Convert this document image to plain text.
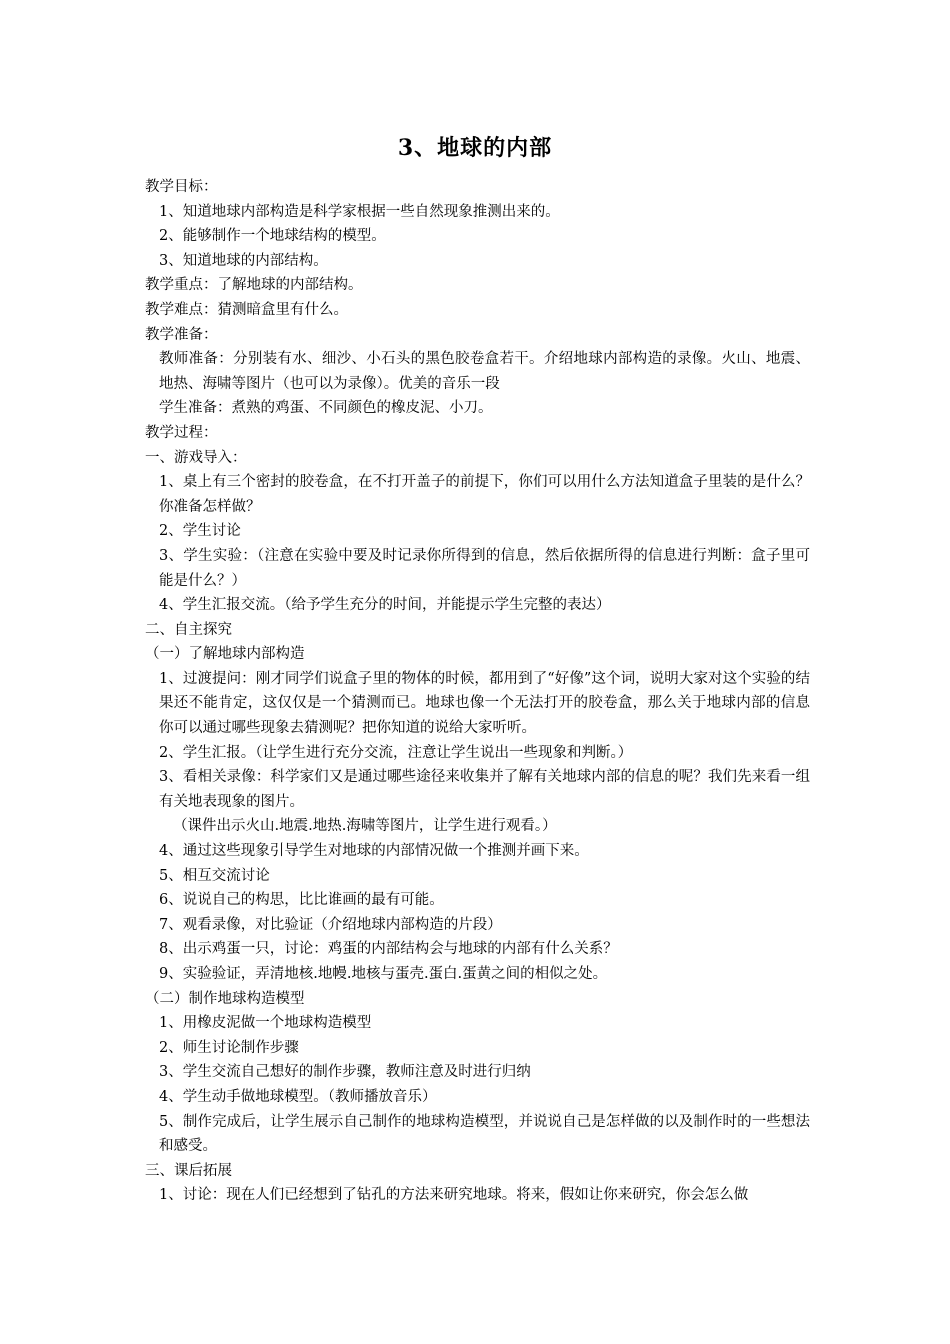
3、地球的内部

教学目标：

1、知道地球内部构造是科学家根据一些自然现象推测出来的。

2、能够制作一个地球结构的模型。

3、知道地球的内部结构。

教学重点：了解地球的内部结构。

教学难点：猜测暗盒里有什么。

教学准备：

教师准备：分别装有水、细沙、小石头的黑色胶卷盒若干。介绍地球内部构造的录像。火山、地震、地热、海啸等图片（也可以为录像）。优美的音乐一段

学生准备：煮熟的鸡蛋、不同颜色的橡皮泥、小刀。

教学过程：

一、游戏导入：

1、桌上有三个密封的胶卷盒，在不打开盖子的前提下，你们可以用什么方法知道盒子里装的是什么？你准备怎样做？

2、学生讨论

3、学生实验：（注意在实验中要及时记录你所得到的信息，然后依据所得的信息进行判断：盒子里可能是什么？）

4、学生汇报交流。（给予学生充分的时间，并能提示学生完整的表达）

二、自主探究

（一）了解地球内部构造

1、过渡提问：刚才同学们说盒子里的物体的时候，都用到了“好像”这个词，说明大家对这个实验的结果还不能肯定，这仅仅是一个猜测而已。地球也像一个无法打开的胶卷盒，那么关于地球内部的信息你可以通过哪些现象去猜测呢？把你知道的说给大家听听。

2、学生汇报。（让学生进行充分交流，注意让学生说出一些现象和判断。）

3、看相关录像：科学家们又是通过哪些途径来收集并了解有关地球内部的信息的呢？我们先来看一组有关地表现象的图片。

（课件出示火山.地震.地热.海啸等图片，让学生进行观看。）

4、通过这些现象引导学生对地球的内部情况做一个推测并画下来。

5、相互交流讨论

6、说说自己的构思，比比谁画的最有可能。

7、观看录像，对比验证（介绍地球内部构造的片段）

8、出示鸡蛋一只，讨论：鸡蛋的内部结构会与地球的内部有什么关系？

9、实验验证，弄清地核.地幔.地核与蛋壳.蛋白.蛋黄之间的相似之处。

（二）制作地球构造模型

1、用橡皮泥做一个地球构造模型

2、师生讨论制作步骤

3、学生交流自己想好的制作步骤，教师注意及时进行归纳

4、学生动手做地球模型。（教师播放音乐）

5、制作完成后，让学生展示自己制作的地球构造模型，并说说自己是怎样做的以及制作时的一些想法和感受。

三、课后拓展

1、讨论：现在人们已经想到了钻孔的方法来研究地球。将来，假如让你来研究，你会怎么做
